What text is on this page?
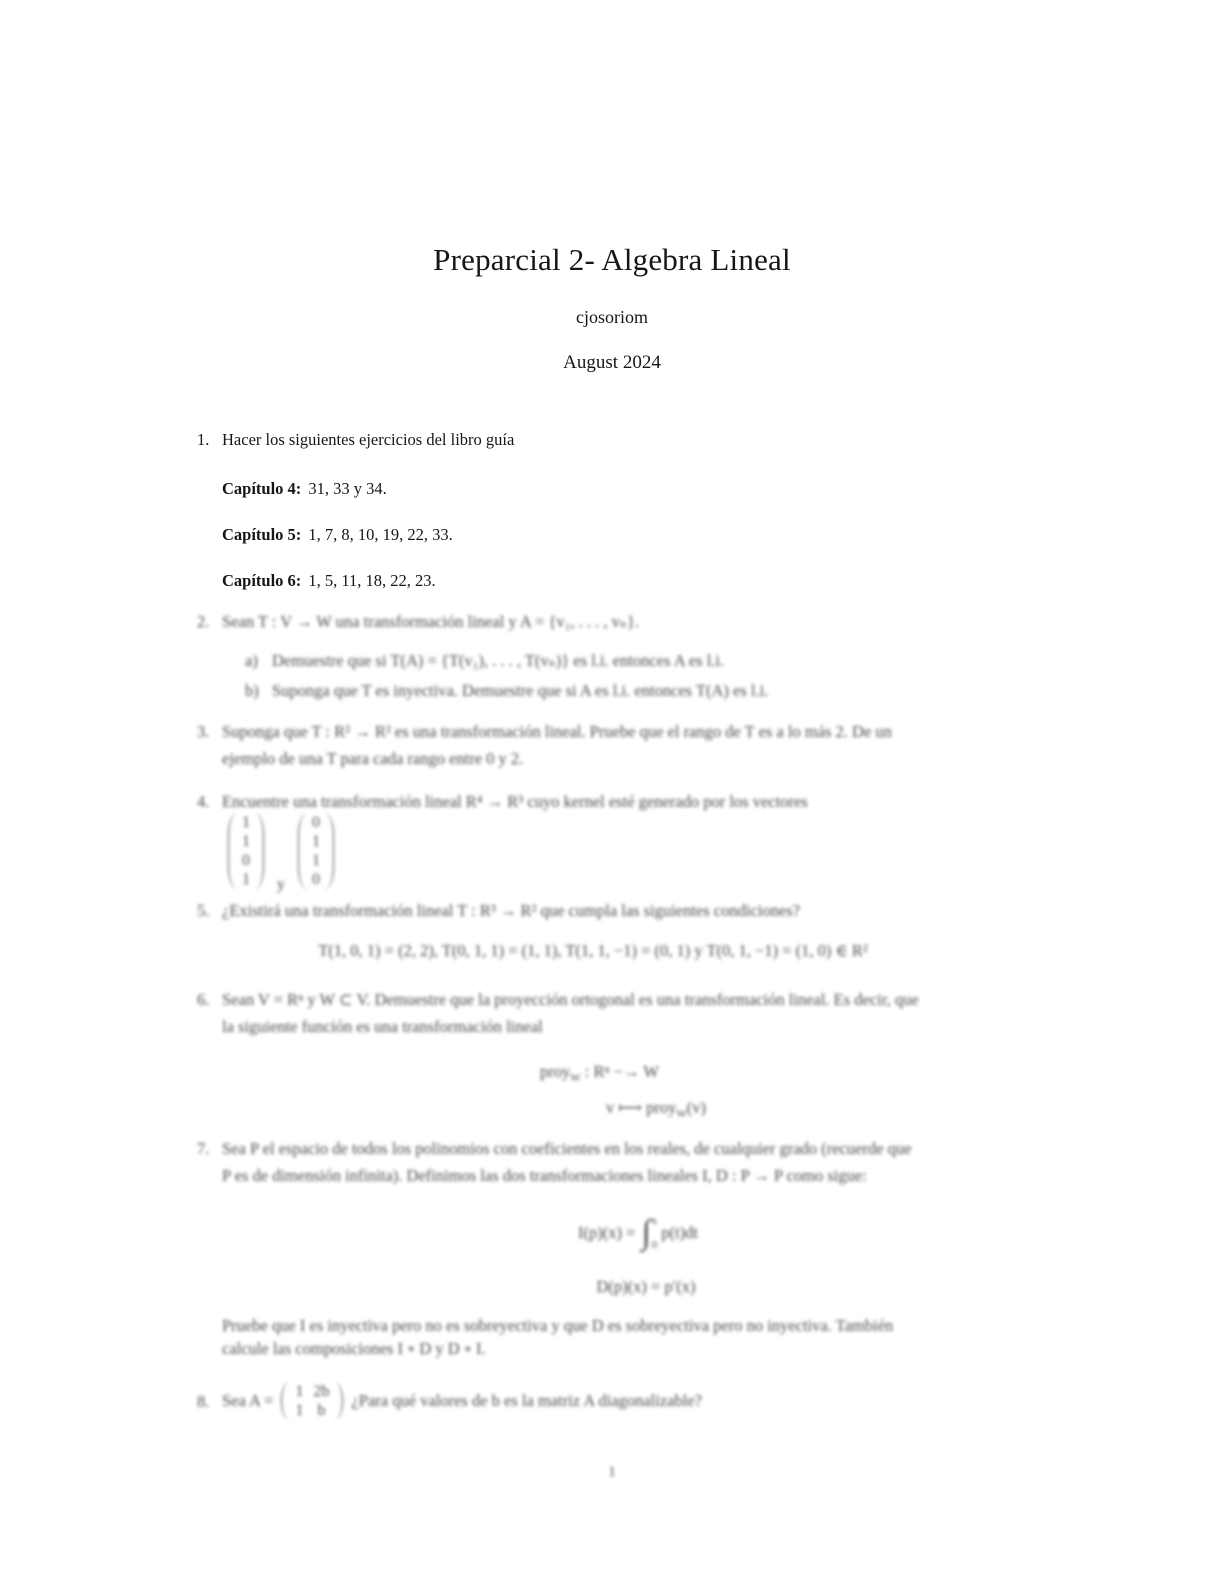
Preparcial 2- Algebra Lineal
cjosoriom
August 2024
1. Hacer los siguientes ejercicios del libro guía
Capítulo 4: 31, 33 y 34.
Capítulo 5: 1, 7, 8, 10, 19, 22, 33.
Capítulo 6: 1, 5, 11, 18, 22, 23.
2. Sean T : V → W una transformación lineal y A = {v₁, . . . , vₙ}.
a) Demuestre que si T(A) = {T(v₁), . . . , T(vₙ)} es l.i. entonces A es l.i.
b) Suponga que T es inyectiva. Demuestre que si A es l.i. entonces T(A) es l.i.
3. Suponga que T : R² → R² es una transformación lineal. Pruebe que el rango de T es a lo más 2. De un
ejemplo de una T para cada rango entre 0 y 2.
4. Encuentre una transformación lineal R⁴ → R³ cuyo kernel esté generado por los vectores
1
1
0
1 y
0
1
1
0
5. ¿Existirá una transformación lineal T : R³ → R² que cumpla las siguientes condiciones?
T(1, 0, 1) = (2, 2), T(0, 1, 1) = (1, 1), T(1, 1, −1) = (0, 1) y T(0, 1, −1) = (1, 0) ∈ R²
6. Sean V = Rⁿ y W ⊂ V. Demuestre que la proyección ortogonal es una transformación lineal. Es decir, que
la siguiente función es una transformación lineal
proy$_W$ : Rⁿ −→ W
v ⟼ proy$_W$(v)
7. Sea P el espacio de todos los polinomios con coeficientes en los reales, de cualquier grado (recuerde que
P es de dimensión infinita). Definimos las dos transformaciones lineales I, D : P → P como sigue:
I(p)(x) = ∫ x
0
p(t)dt
D(p)(x) = p′(x)
Pruebe que I es inyectiva pero no es sobreyectiva y que D es sobreyectiva pero no inyectiva. También
calcule las composiciones I ∘ D y D ∘ I.
8. Sea A = 1
1
2b
b
¿Para qué valores de b es la matriz A diagonalizable?
1
